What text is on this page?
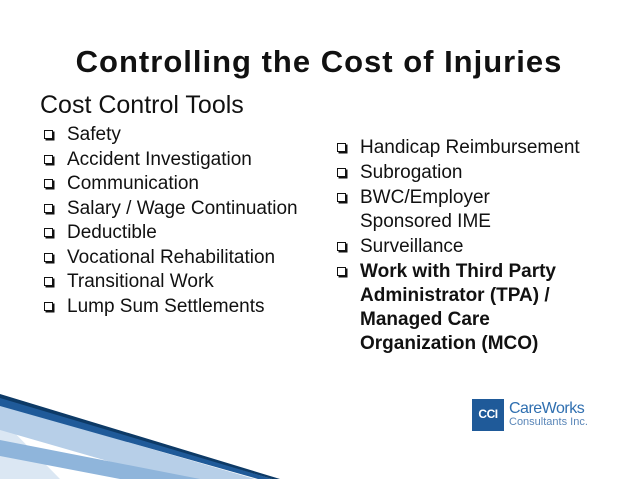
Controlling the Cost of Injuries
Cost Control Tools
Safety
Accident Investigation
Communication
Salary / Wage Continuation
Deductible
Vocational Rehabilitation
Transitional Work
Lump Sum Settlements
Handicap Reimbursement
Subrogation
BWC/Employer Sponsored IME
Surveillance
Work with Third Party Administrator (TPA) / Managed Care Organization (MCO)
CCI CareWorks
Consultants Inc.
